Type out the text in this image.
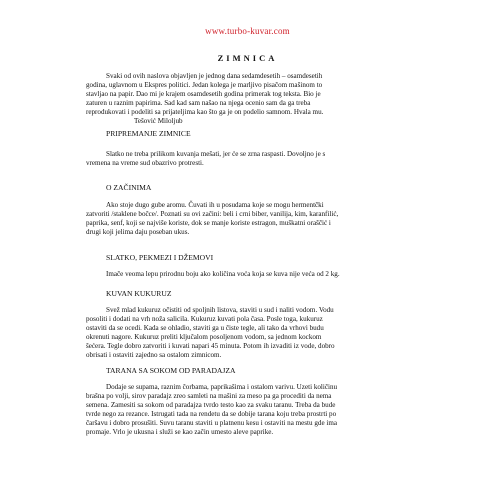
www.turbo-kuvar.com
ZIMNICA
Svaki od ovih naslova objavljen je jednog dana sedamdesetih – osamdesetih
godina, uglavnom u Ekspres politici. Jedan kolega je marljivo pisačom mašinom to
stavljao na papir. Dao mi je krajem osamdesetih godina primerak tog teksta. Bio je
zaturen u raznim papirima. Sad kad sam našao na njega ocenio sam da ga treba
reprodukovati i podeliti sa prijateljima kao što ga je on podelio samnom. Hvala mu.
Tešović Miloljub
PRIPREMANJE ZIMNICE
Slatko ne treba prilikom kuvanja mešati, jer će se zrna raspasti. Dovoljno je s
vremena na vreme sud obazrivo protresti.
O ZAČINIMA
Ako stoje dugo gube aromu. Čuvati ih u posudama koje se mogu hermentčki
zatvoriti /staklene bočce/. Poznati su ovi začini: beli i crni biber, vanilija, kim, karanfilić,
paprika, senf, koji se najviše koriste, dok se manje koriste estragon, muškatni oraščić i
drugi koji jelima daju poseban ukus.
SLATKO, PEKMEZI I DŽEMOVI
Imače veoma lepu prirodnu boju ako količina voća koja se kuva nije veća od 2 kg.
KUVAN KUKURUZ
Svež mlad kukuruz očistiti od spoljnih listova, staviti u sud i naliti vodom. Vodu
posoliti i dodati na vrh noža salicila. Kukuruz kuvati pola časa. Posle toga, kukuruz
ostaviti da se ocedi. Kada se ohladio, staviti ga u čiste tegle, ali tako da vrhovi budu
okrenuti nagore. Kukuruz preliti ključalom posoljenom vodom, sa jednom kockom
šećera. Tegle dobro zatvoriti i kuvati napari 45 minuta. Potom ih izvaditi iz vode, dobro
obrisati i ostaviti zajedno sa ostalom zimnicom.
TARANA SA SOKOM OD PARADAJZA
Dodaje se supama, raznim čorbama, paprikašima i ostalom varivu. Uzeti količinu
brašna po volji, sirov paradajz zreo samleti na mašini za meso pa ga procediti da nema
semena. Zamesiti sa sokom od paradajza tvrdo testo kao za svaku taranu. Treba da bude
tvrde nego za rezance. Istrugati tada na rendetu da se dobije tarana koju treba prostrti po
čaršavu i dobro prosušiti. Suvu taranu staviti u platnenu kesu i ostaviti na mestu gde ima
promaje. Vrlo je ukusna i služi se kao začin umesto aleve paprike.
